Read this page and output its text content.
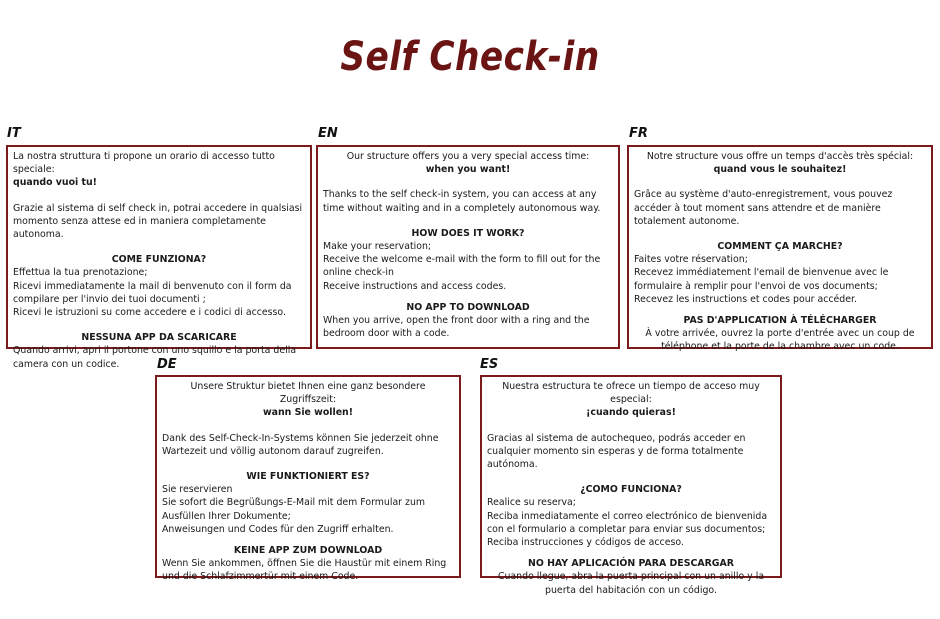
Self Check-in
IT

La nostra struttura ti propone un orario di accesso tutto speciale:

quando vuoi tu!

Grazie al sistema di self check in, potrai accedere in qualsiasi momento senza attese ed in maniera completamente autonoma.

COME FUNZIONA?

Effettua la tua prenotazione;

Ricevi immediatamente la mail di benvenuto con il form da compilare per l'invio dei tuoi documenti ;

Ricevi le istruzioni su come accedere e i codici di accesso.

NESSUNA APP DA SCARICARE

Quando arrivi, apri il portone con uno squillo e la porta della camera con un codice.

EN

Our structure offers you a very special access time:

when you want!

Thanks to the self check-in system, you can access at any time without waiting and in a completely autonomous way.

HOW DOES IT WORK?

Make your reservation;

Receive the welcome e-mail with the form to fill out for the online check-in

Receive instructions and access codes.

NO APP TO DOWNLOAD

When you arrive, open the front door with a ring and the bedroom door with a code.

FR

Notre structure vous offre un temps d'accès très spécial:

quand vous le souhaitez!

Grâce au système d'auto-enregistrement, vous pouvez accéder à tout moment sans attendre et de manière totalement autonome.

COMMENT ÇA MARCHE?

Faites votre réservation;

Recevez immédiatement l'email de bienvenue avec le formulaire à remplir pour l'envoi de vos documents;

Recevez les instructions et codes pour accéder.

PAS D'APPLICATION À TÉLÉCHARGER

À votre arrivée, ouvrez la porte d'entrée avec un coup de téléphone et la porte de la chambre avec un code.

DE

Unsere Struktur bietet Ihnen eine ganz besondere Zugriffszeit:

wann Sie wollen!

Dank des Self-Check-In-Systems können Sie jederzeit ohne Wartezeit und völlig autonom darauf zugreifen.

WIE FUNKTIONIERT ES?

Sie reservieren

Sie sofort die Begrüßungs-E-Mail mit dem Formular zum Ausfüllen Ihrer Dokumente;

Anweisungen und Codes für den Zugriff erhalten.

KEINE APP ZUM DOWNLOAD

Wenn Sie ankommen, öffnen Sie die Haustür mit einem Ring und die Schlafzimmertür mit einem Code.

ES

Nuestra estructura te ofrece un tiempo de acceso muy especial:

¡cuando quieras!

Gracias al sistema de autochequeo, podrás acceder en cualquier momento sin esperas y de forma totalmente autónoma.

¿COMO FUNCIONA?

Realice su reserva;

Reciba inmediatamente el correo electrónico de bienvenida con el formulario a completar para enviar sus documentos;

Reciba instrucciones y códigos de acceso.

NO HAY APLICACIÓN PARA DESCARGAR

Cuando llegue, abra la puerta principal con un anillo y la puerta del habitación con un código.
